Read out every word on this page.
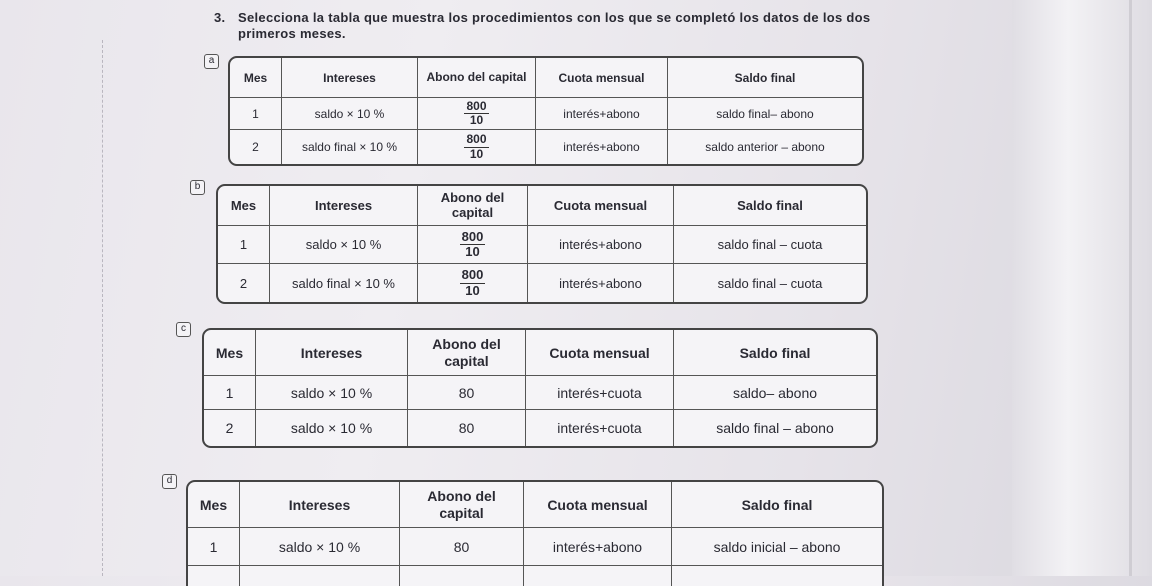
3. Selecciona la tabla que muestra los procedimientos con los que se completó los datos de los dos primeros meses.
a
Mes	Intereses	Abono del capital	Cuota mensual	Saldo final
1	saldo × 10 %	$\frac{800}{10}$	interés+abono	saldo final– abono
2	saldo final × 10 %	$\frac{800}{10}$	interés+abono	saldo anterior – abono
b
Mes	Intereses	Abono del capital	Cuota mensual	Saldo final
1	saldo × 10 %	$\frac{800}{10}$	interés+abono	saldo final – cuota
2	saldo final × 10 %	$\frac{800}{10}$	interés+abono	saldo final – cuota
c
Mes	Intereses	Abono del capital	Cuota mensual	Saldo final
1	saldo × 10 %	80	interés+cuota	saldo– abono
2	saldo × 10 %	80	interés+cuota	saldo final – abono
d
Mes	Intereses	Abono del capital	Cuota mensual	Saldo final
1	saldo × 10 %	80	interés+abono	saldo inicial – abono
